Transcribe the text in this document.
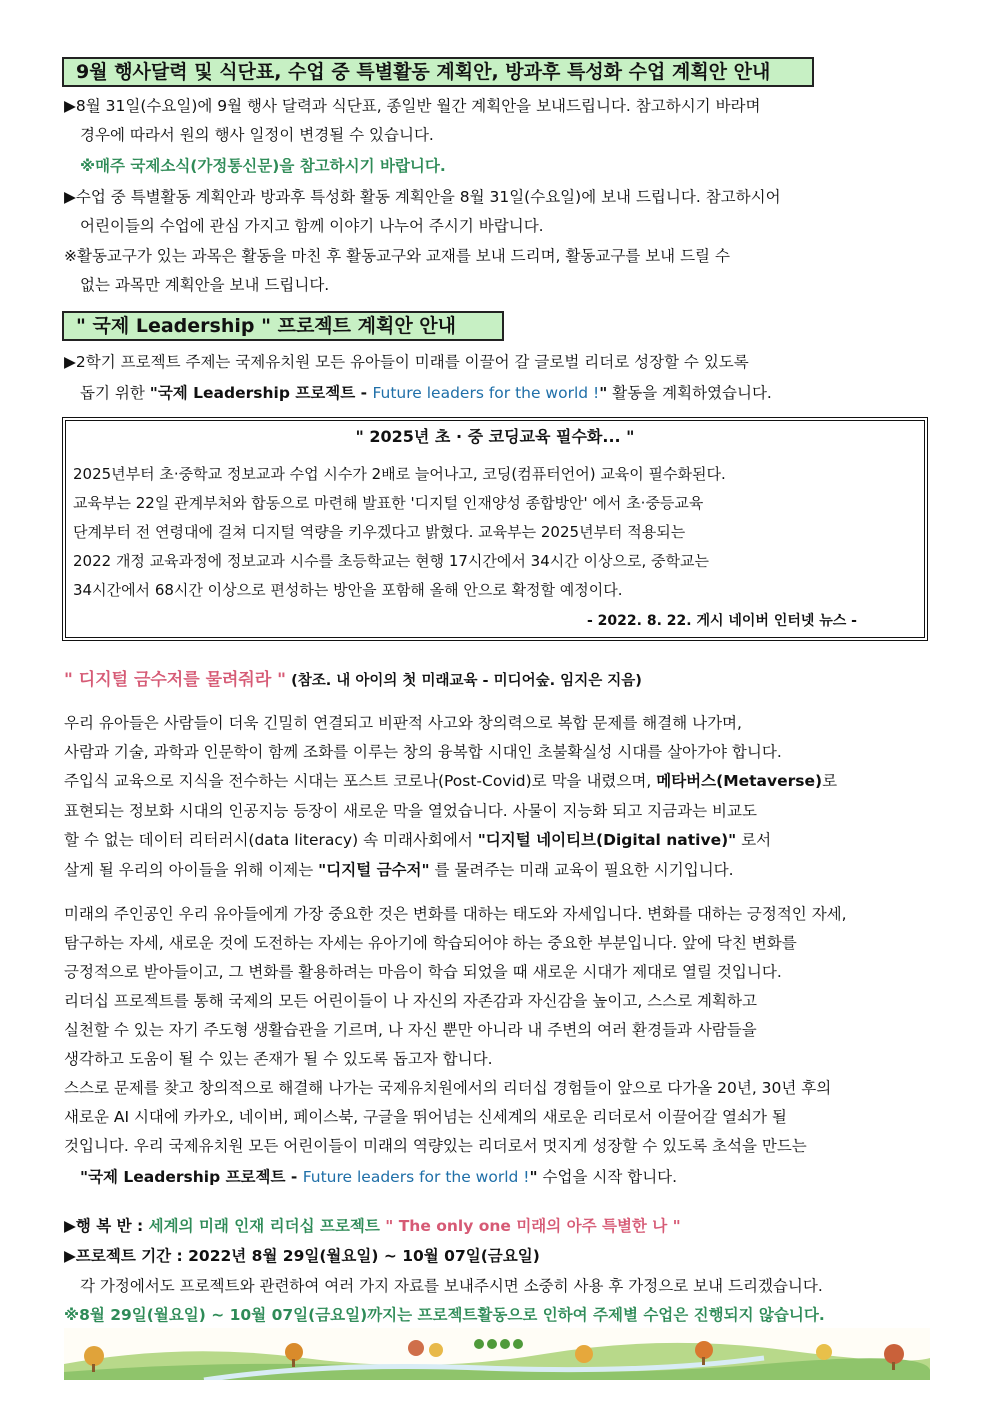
9월 행사달력 및 식단표, 수업 중 특별활동 계획안, 방과후 특성화 수업 계획안 안내
▶8월 31일(수요일)에 9월 행사 달력과 식단표, 종일반 월간 계획안을 보내드립니다. 참고하시기 바라며
경우에 따라서 원의 행사 일정이 변경될 수 있습니다.
※매주 국제소식(가정통신문)을 참고하시기 바랍니다.
▶수업 중 특별활동 계획안과 방과후 특성화 활동 계획안을 8월 31일(수요일)에 보내 드립니다. 참고하시어
어린이들의 수업에 관심 가지고 함께 이야기 나누어 주시기 바랍니다.
※활동교구가 있는 과목은 활동을 마친 후 활동교구와 교재를 보내 드리며, 활동교구를 보내 드릴 수
없는 과목만 계획안을 보내 드립니다.
" 국제 Leadership " 프로젝트 계획안 안내
▶2학기 프로젝트 주제는 국제유치원 모든 유아들이 미래를 이끌어 갈 글로벌 리더로 성장할 수 있도록
돕기 위한 "국제 Leadership 프로젝트 - Future leaders for the world !" 활동을 계획하였습니다.
" 2025년 초 · 중 코딩교육 필수화... "
2025년부터 초·중학교 정보교과 수업 시수가 2배로 늘어나고, 코딩(컴퓨터언어) 교육이 필수화된다.
교육부는 22일 관계부처와 합동으로 마련해 발표한 '디지털 인재양성 종합방안' 에서 초·중등교육
단계부터 전 연령대에 걸쳐 디지털 역량을 키우겠다고 밝혔다. 교육부는 2025년부터 적용되는
2022 개정 교육과정에 정보교과 시수를 초등학교는 현행 17시간에서 34시간 이상으로, 중학교는
34시간에서 68시간 이상으로 편성하는 방안을 포함해 올해 안으로 확정할 예정이다.
- 2022. 8. 22. 게시 네이버 인터넷 뉴스 -
" 디지털 금수저를 물려줘라 " (참조. 내 아이의 첫 미래교육 - 미디어숲. 임지은 지음)
우리 유아들은 사람들이 더욱 긴밀히 연결되고 비판적 사고와 창의력으로 복합 문제를 해결해 나가며,
사람과 기술, 과학과 인문학이 함께 조화를 이루는 창의 융복합 시대인 초불확실성 시대를 살아가야 합니다.
주입식 교육으로 지식을 전수하는 시대는 포스트 코로나(Post-Covid)로 막을 내렸으며, 메타버스(Metaverse)로
표현되는 정보화 시대의 인공지능 등장이 새로운 막을 열었습니다. 사물이 지능화 되고 지금과는 비교도
할 수 없는 데이터 리터러시(data literacy) 속 미래사회에서 "디지털 네이티브(Digital native)" 로서
살게 될 우리의 아이들을 위해 이제는 "디지털 금수저" 를 물려주는 미래 교육이 필요한 시기입니다.
미래의 주인공인 우리 유아들에게 가장 중요한 것은 변화를 대하는 태도와 자세입니다. 변화를 대하는 긍정적인 자세,
탐구하는 자세, 새로운 것에 도전하는 자세는 유아기에 학습되어야 하는 중요한 부분입니다. 앞에 닥친 변화를
긍정적으로 받아들이고, 그 변화를 활용하려는 마음이 학습 되었을 때 새로운 시대가 제대로 열릴 것입니다.
리더십 프로젝트를 통해 국제의 모든 어린이들이 나 자신의 자존감과 자신감을 높이고, 스스로 계획하고
실천할 수 있는 자기 주도형 생활습관을 기르며, 나 자신 뿐만 아니라 내 주변의 여러 환경들과 사람들을
생각하고 도움이 될 수 있는 존재가 될 수 있도록 돕고자 합니다.
스스로 문제를 찾고 창의적으로 해결해 나가는 국제유치원에서의 리더십 경험들이 앞으로 다가올 20년, 30년 후의
새로운 AI 시대에 카카오, 네이버, 페이스북, 구글을 뛰어넘는 신세계의 새로운 리더로서 이끌어갈 열쇠가 될
것입니다. 우리 국제유치원 모든 어린이들이 미래의 역량있는 리더로서 멋지게 성장할 수 있도록 초석을 만드는
"국제 Leadership 프로젝트 - Future leaders for the world !" 수업을 시작 합니다.
▶행 복 반 : 세계의 미래 인재 리더십 프로젝트 " The only one 미래의 아주 특별한 나 "
▶프로젝트 기간 : 2022년 8월 29일(월요일) ~ 10월 07일(금요일)
각 가정에서도 프로젝트와 관련하여 여러 가지 자료를 보내주시면 소중히 사용 후 가정으로 보내 드리겠습니다.
※8월 29일(월요일) ~ 10월 07일(금요일)까지는 프로젝트활동으로 인하여 주제별 수업은 진행되지 않습니다.
